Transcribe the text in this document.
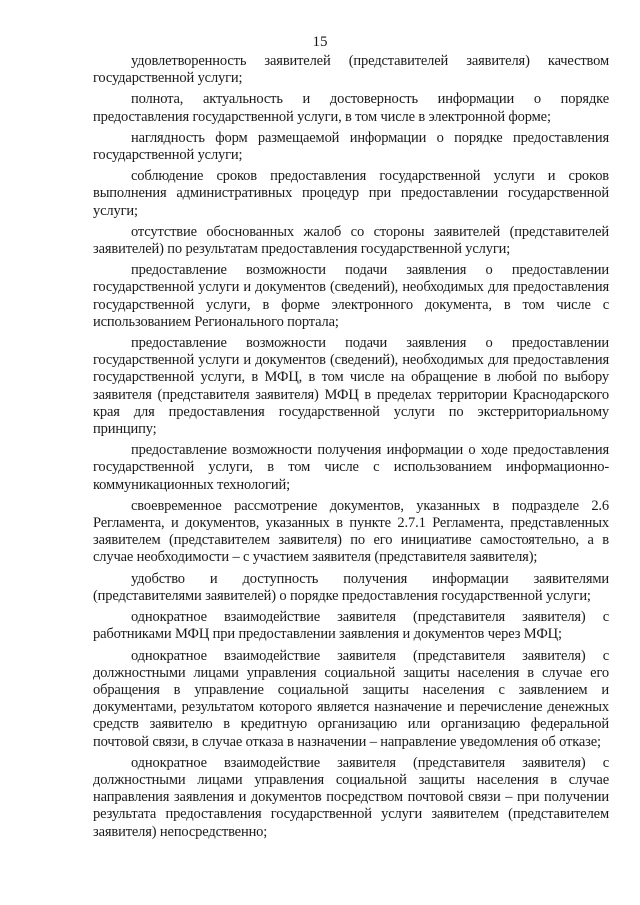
15

удовлетворенность заявителей (представителей заявителя) качеством государственной услуги;

полнота, актуальность и достоверность информации о порядке предоставления государственной услуги, в том числе в электронной форме;

наглядность форм размещаемой информации о порядке предоставления государственной услуги;

соблюдение сроков предоставления государственной услуги и сроков выполнения административных процедур при предоставлении государственной услуги;

отсутствие обоснованных жалоб со стороны заявителей (представителей заявителей) по результатам предоставления государственной услуги;

предоставление возможности подачи заявления о предоставлении государственной услуги и документов (сведений), необходимых для предоставления государственной услуги, в форме электронного документа, в том числе с использованием Регионального портала;

предоставление возможности подачи заявления о предоставлении государственной услуги и документов (сведений), необходимых для предоставления государственной услуги, в МФЦ, в том числе на обращение в любой по выбору заявителя (представителя заявителя) МФЦ в пределах территории Краснодарского края для предоставления государственной услуги по экстерриториальному принципу;

предоставление возможности получения информации о ходе предоставления государственной услуги, в том числе с использованием информационно-коммуникационных технологий;

своевременное рассмотрение документов, указанных в подразделе 2.6 Регламента, и документов, указанных в пункте 2.7.1 Регламента, представленных заявителем (представителем заявителя) по его инициативе самостоятельно, а в случае необходимости – с участием заявителя (представителя заявителя);

удобство и доступность получения информации заявителями (представителями заявителей) о порядке предоставления государственной услуги;

однократное взаимодействие заявителя (представителя заявителя) с работниками МФЦ при предоставлении заявления и документов через МФЦ;

однократное взаимодействие заявителя (представителя заявителя) с должностными лицами управления социальной защиты населения в случае его обращения в управление социальной защиты населения с заявлением и документами, результатом которого является назначение и перечисление денежных средств заявителю в кредитную организацию или организацию федеральной почтовой связи, в случае отказа в назначении – направление уведомления об отказе;

однократное взаимодействие заявителя (представителя заявителя) с должностными лицами управления социальной защиты населения в случае направления заявления и документов посредством почтовой связи – при получении результата предоставления государственной услуги заявителем (представителем заявителя) непосредственно;
